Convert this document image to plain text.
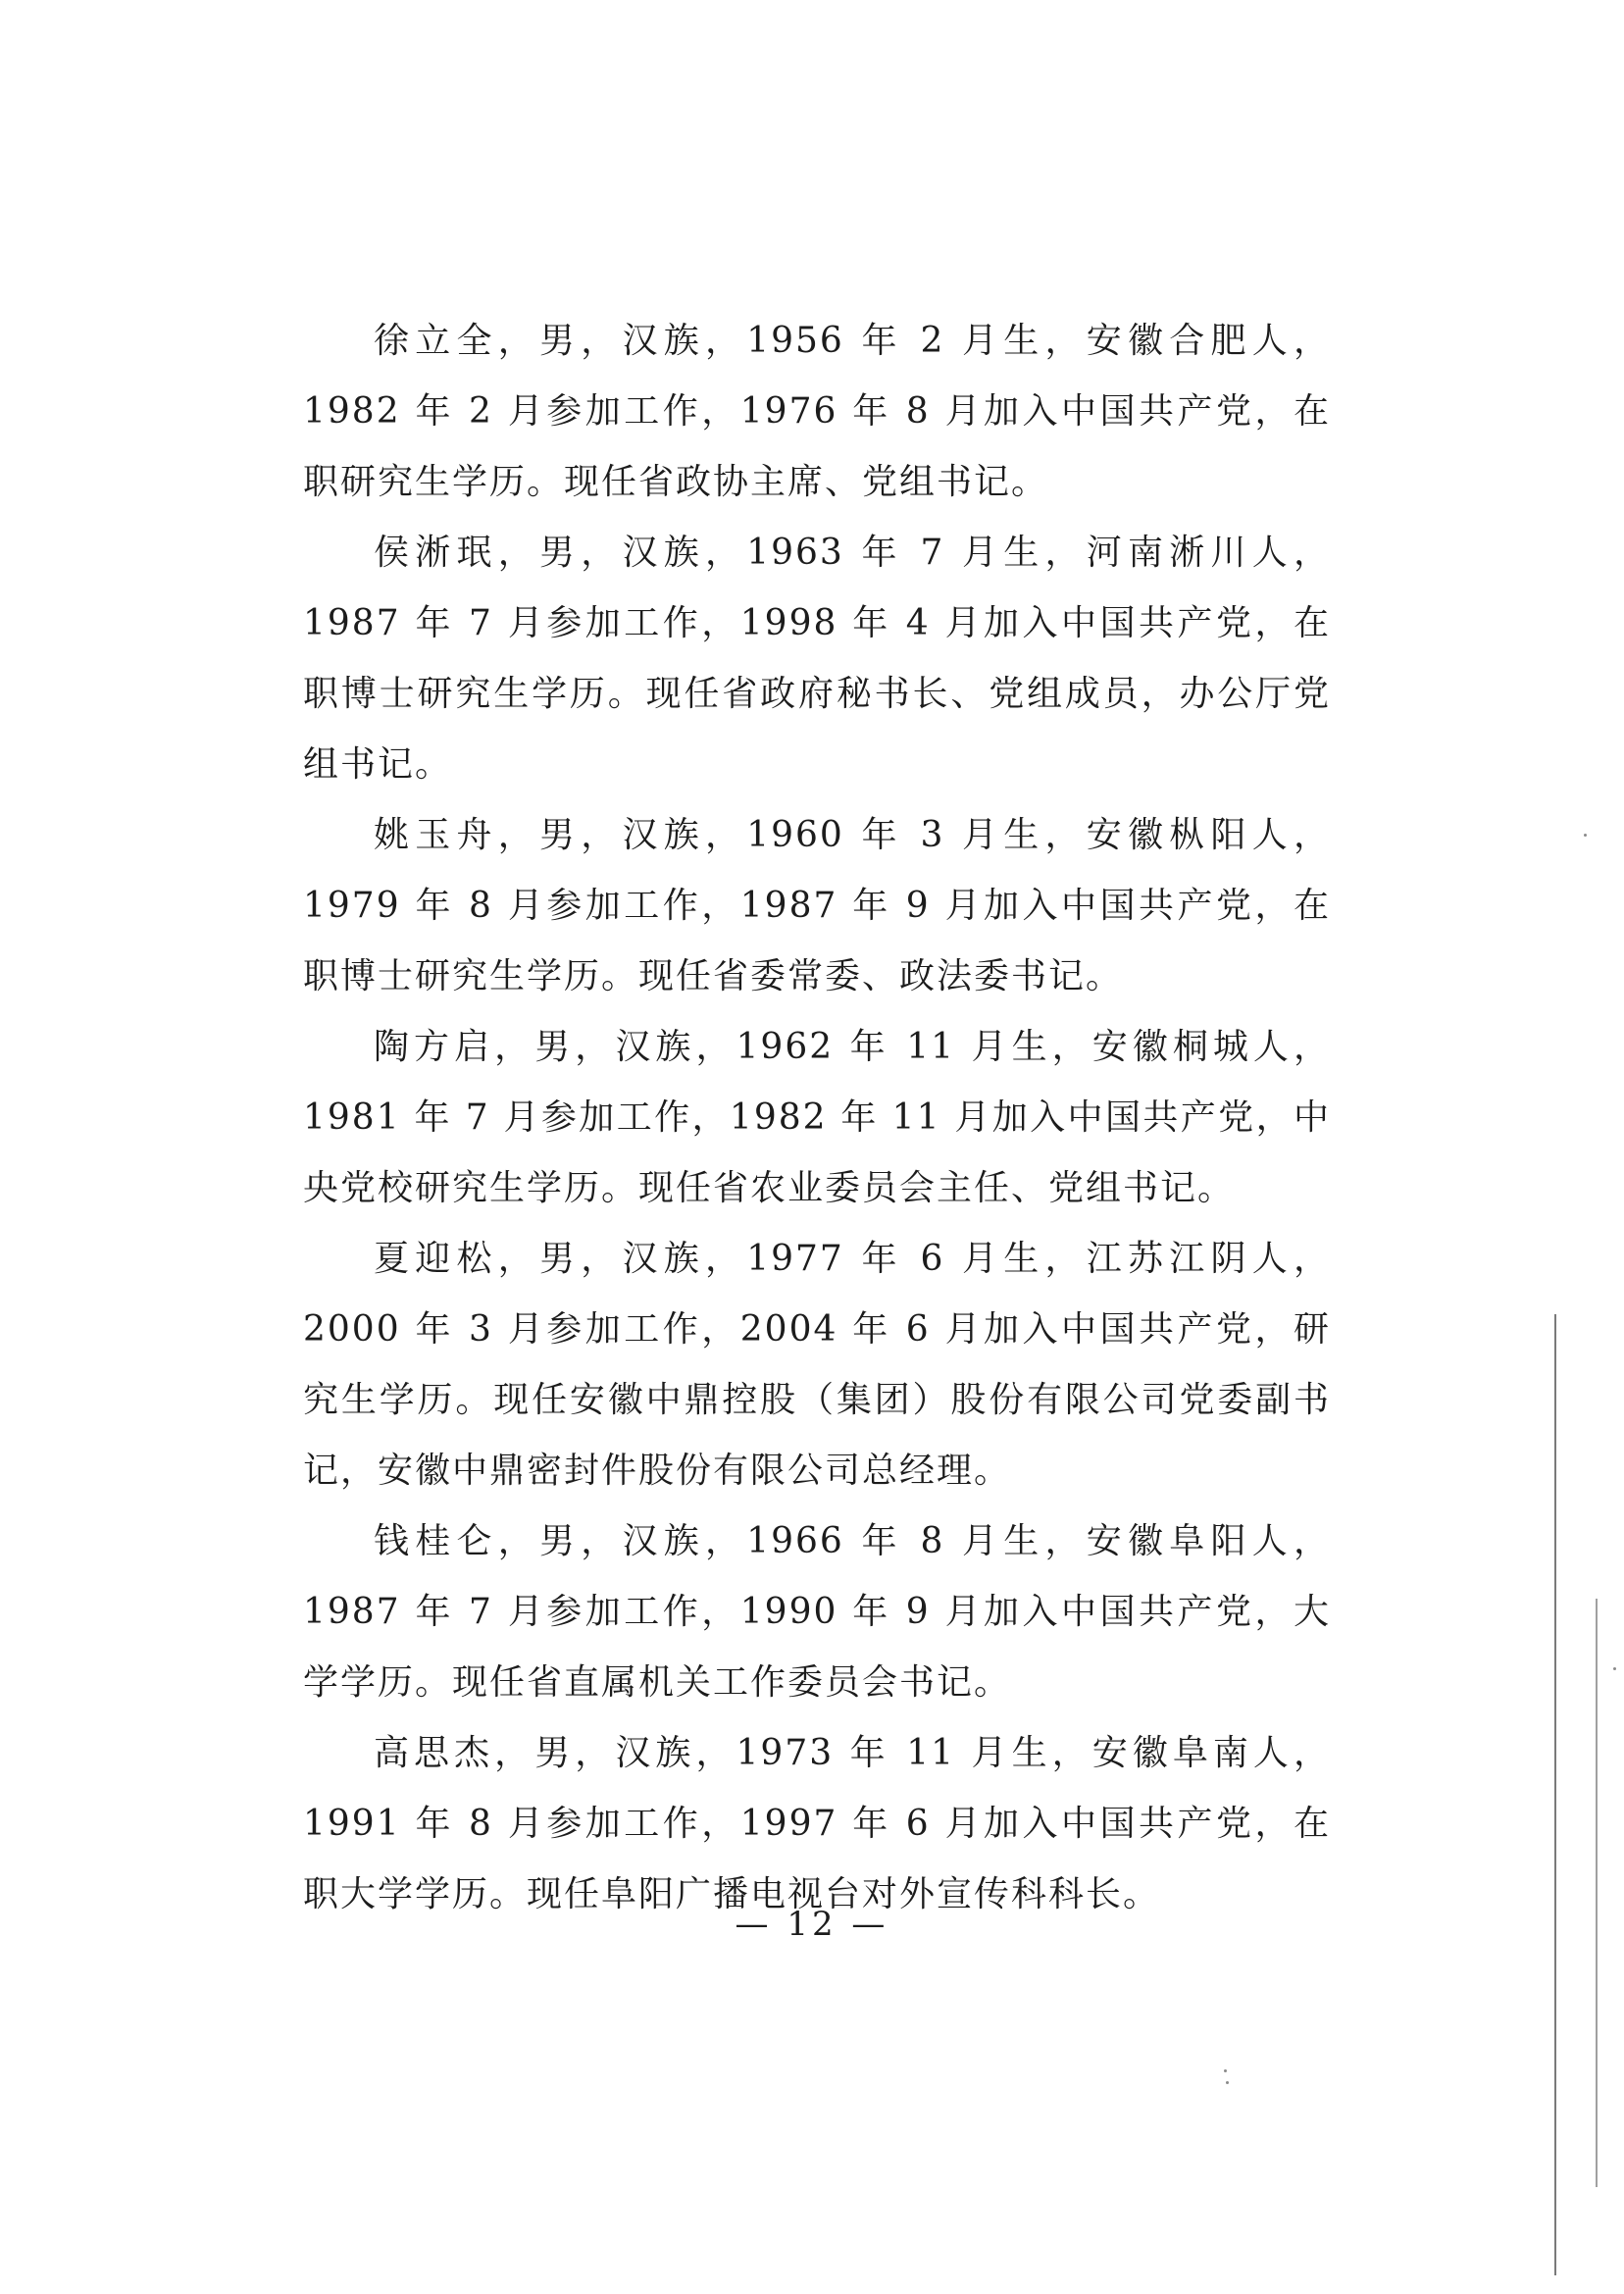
徐立全，男，汉族，1956 年 2 月生，安徽合肥人，1982 年 2 月参加工作，1976 年 8 月加入中国共产党，在职研究生学历。现任省政协主席、党组书记。

侯淅珉，男，汉族，1963 年 7 月生，河南淅川人，1987 年 7 月参加工作，1998 年 4 月加入中国共产党，在职博士研究生学历。现任省政府秘书长、党组成员，办公厅党组书记。

姚玉舟，男，汉族，1960 年 3 月生，安徽枞阳人，1979 年 8 月参加工作，1987 年 9 月加入中国共产党，在职博士研究生学历。现任省委常委、政法委书记。

陶方启，男，汉族，1962 年 11 月生，安徽桐城人，1981 年 7 月参加工作，1982 年 11 月加入中国共产党，中央党校研究生学历。现任省农业委员会主任、党组书记。

夏迎松，男，汉族，1977 年 6 月生，江苏江阴人，2000 年 3 月参加工作，2004 年 6 月加入中国共产党，研究生学历。现任安徽中鼎控股（集团）股份有限公司党委副书记，安徽中鼎密封件股份有限公司总经理。

钱桂仑，男，汉族，1966 年 8 月生，安徽阜阳人，1987 年 7 月参加工作，1990 年 9 月加入中国共产党，大学学历。现任省直属机关工作委员会书记。

高思杰，男，汉族，1973 年 11 月生，安徽阜南人，1991 年 8 月参加工作，1997 年 6 月加入中国共产党，在职大学学历。现任阜阳广播电视台对外宣传科科长。

— 12 —
